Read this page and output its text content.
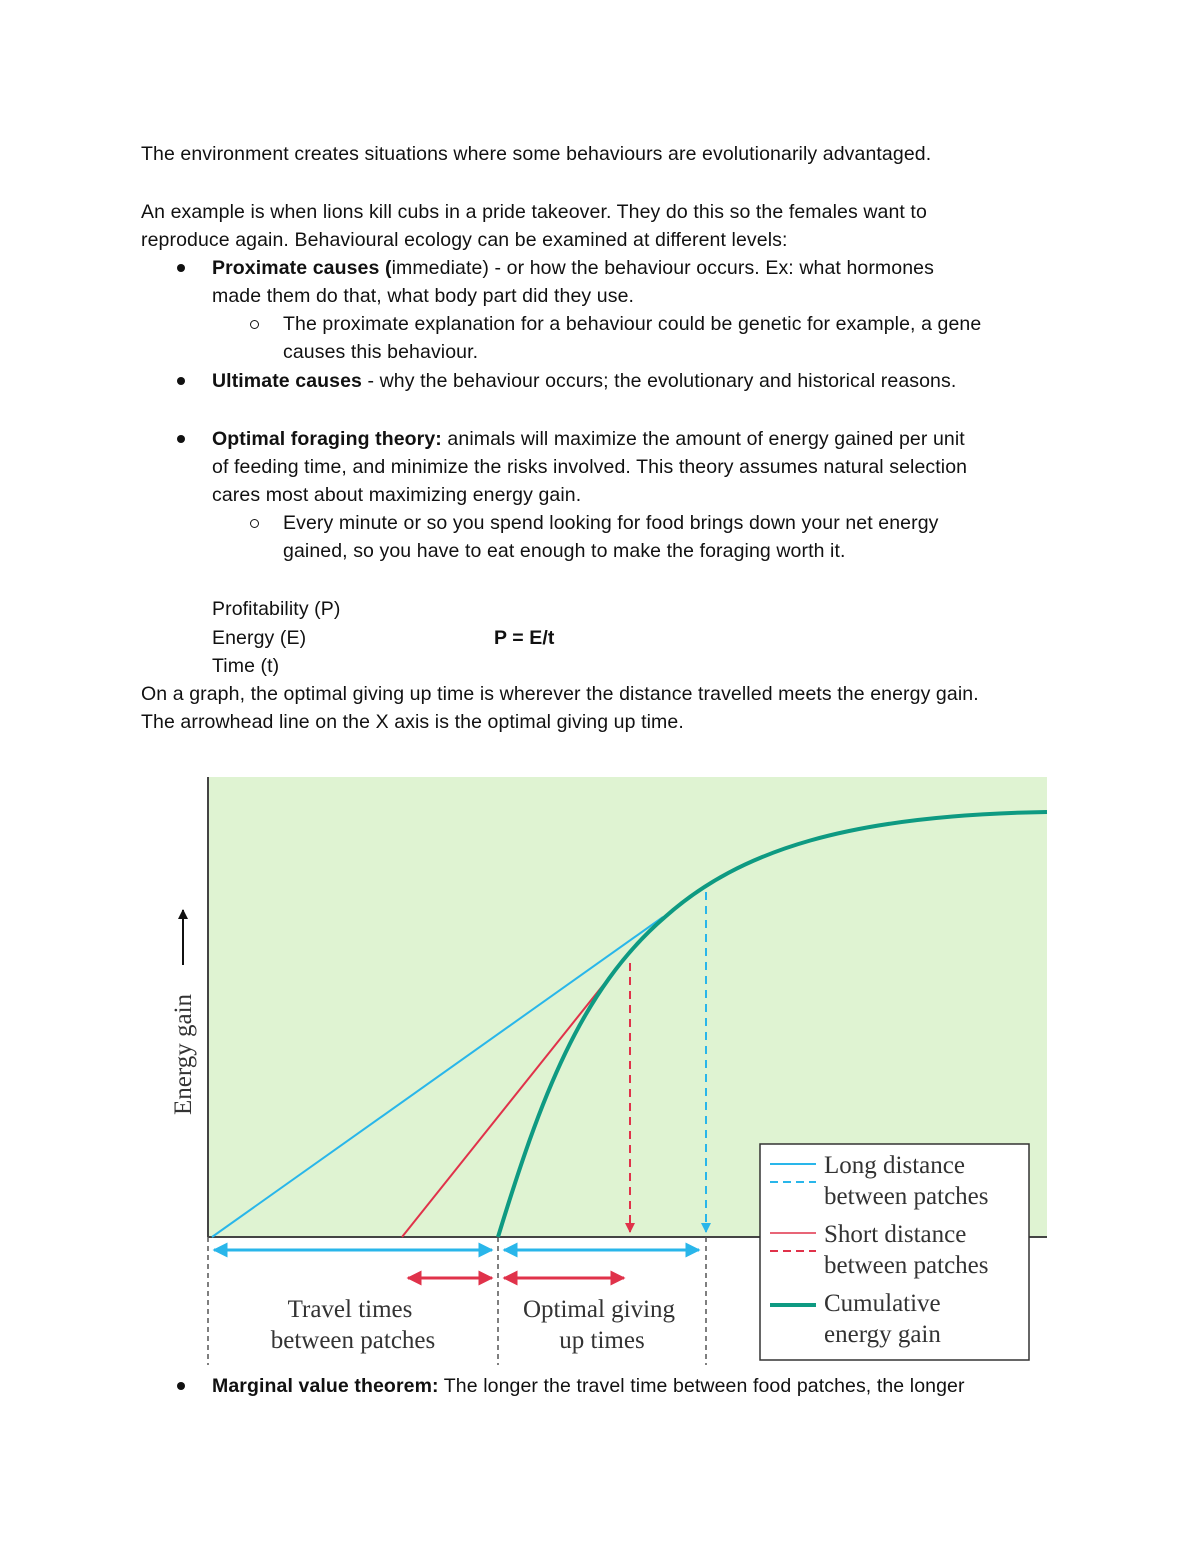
The environment creates situations where some behaviours are evolutionarily advantaged.
An example is when lions kill cubs in a pride takeover. They do this so the females want to
reproduce again. Behavioural ecology can be examined at different levels:
Proximate causes (immediate) - or how the behaviour occurs. Ex: what hormones
made them do that, what body part did they use.
The proximate explanation for a behaviour could be genetic for example, a gene
causes this behaviour.
Ultimate causes - why the behaviour occurs; the evolutionary and historical reasons.
Optimal foraging theory: animals will maximize the amount of energy gained per unit
of feeding time, and minimize the risks involved. This theory assumes natural selection
cares most about maximizing energy gain.
Every minute or so you spend looking for food brings down your net energy
gained, so you have to eat enough to make the foraging worth it.
Profitability (P)
Energy (E)	P = E/t
Time (t)
On a graph, the optimal giving up time is wherever the distance travelled meets the energy gain.
The arrowhead line on the X axis is the optimal giving up time.
Energy gain
Travel times
between patches
Optimal giving
up times
Long distance
between patches
Short distance
between patches
Cumulative
energy gain
Marginal value theorem: The longer the travel time between food patches, the longer
